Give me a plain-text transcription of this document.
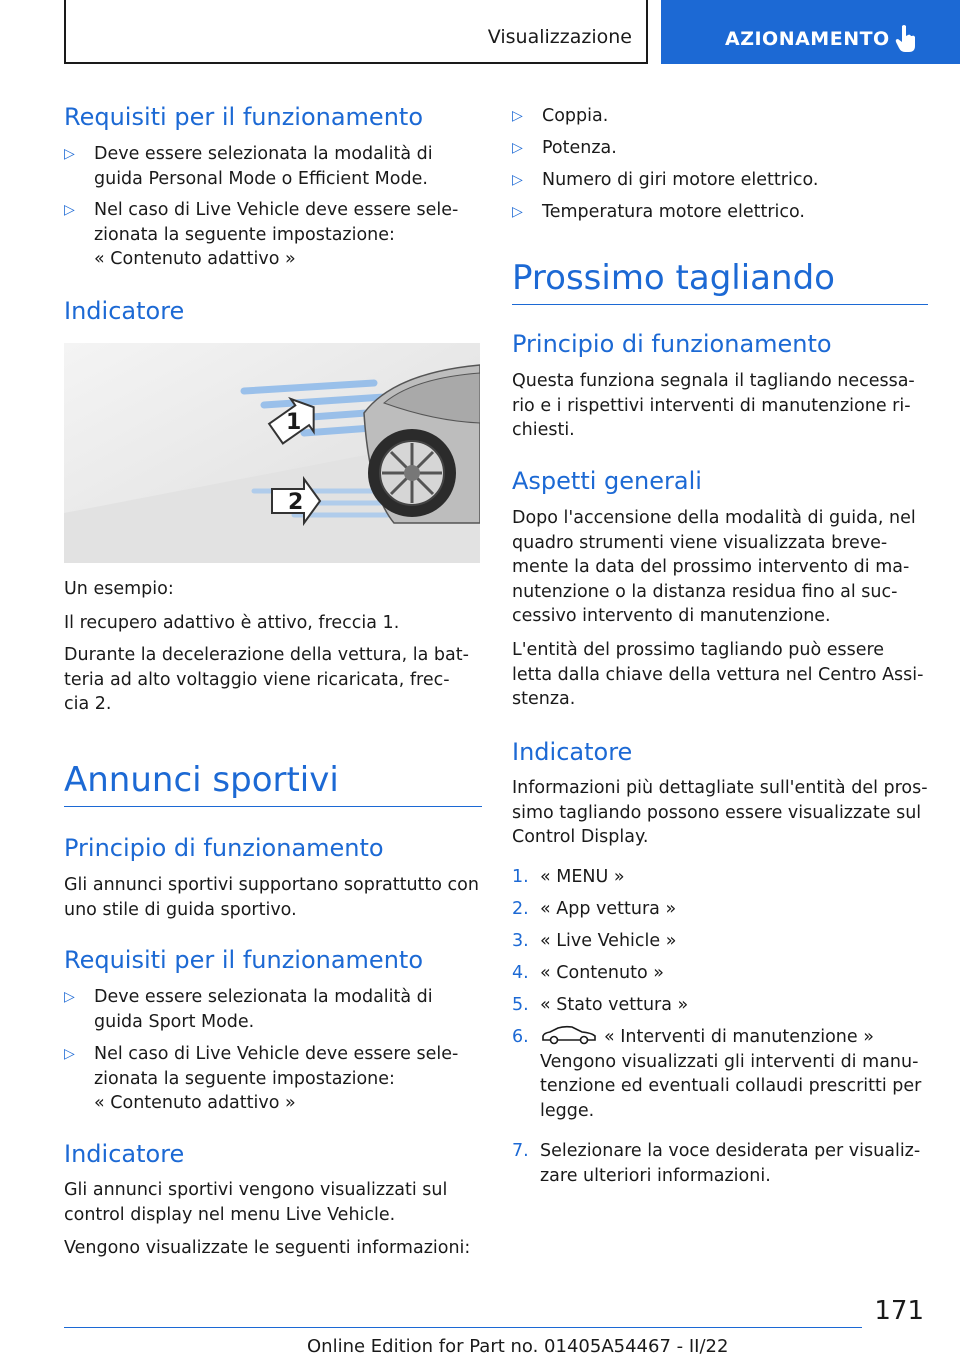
Visualizzazione	AZIONAMENTO
Requisiti per il funzionamento
▷ Deve essere selezionata la modalità di
guida Personal Mode o Efficient Mode.
▷ Nel caso di Live Vehicle deve essere sele-
zionata la seguente impostazione:
« Contenuto adattivo »
Indicatore
1
2

Un esempio:

Il recupero adattivo è attivo, freccia 1.

Durante la decelerazione della vettura, la bat-
teria ad alto voltaggio viene ricaricata, frec-
cia 2.

Annunci sportivi
Principio di funzionamento

Gli annunci sportivi supportano soprattutto con
uno stile di guida sportivo.

Requisiti per il funzionamento
▷ Deve essere selezionata la modalità di
guida Sport Mode.
▷ Nel caso di Live Vehicle deve essere sele-
zionata la seguente impostazione:
« Contenuto adattivo »
Indicatore

Gli annunci sportivi vengono visualizzati sul
control display nel menu Live Vehicle.

Vengono visualizzate le seguenti informazioni:

▷ Coppia.
▷ Potenza.
▷ Numero di giri motore elettrico.
▷ Temperatura motore elettrico.
Prossimo tagliando
Principio di funzionamento

Questa funziona segnala il tagliando necessa-
rio e i rispettivi interventi di manutenzione ri-
chiesti.

Aspetti generali

Dopo l'accensione della modalità di guida, nel
quadro strumenti viene visualizzata breve-
mente la data del prossimo intervento di ma-
nutenzione o la distanza residua fino al suc-
cessivo intervento di manutenzione.

L'entità del prossimo tagliando può essere
letta dalla chiave della vettura nel Centro Assi-
stenza.

Indicatore

Informazioni più dettagliate sull'entità del pros-
simo tagliando possono essere visualizzate sul
Control Display.

1. « MENU »
2. « App vettura »
3. « Live Vehicle »
4. « Contenuto »
5. « Stato vettura »
6.	« Interventi di manutenzione »
Vengono visualizzati gli interventi di manu-
tenzione ed eventuali collaudi prescritti per
legge.
7. Selezionare la voce desiderata per visualiz-
zare ulteriori informazioni.
171
Online Edition for Part no. 01405A54467 - II/22
